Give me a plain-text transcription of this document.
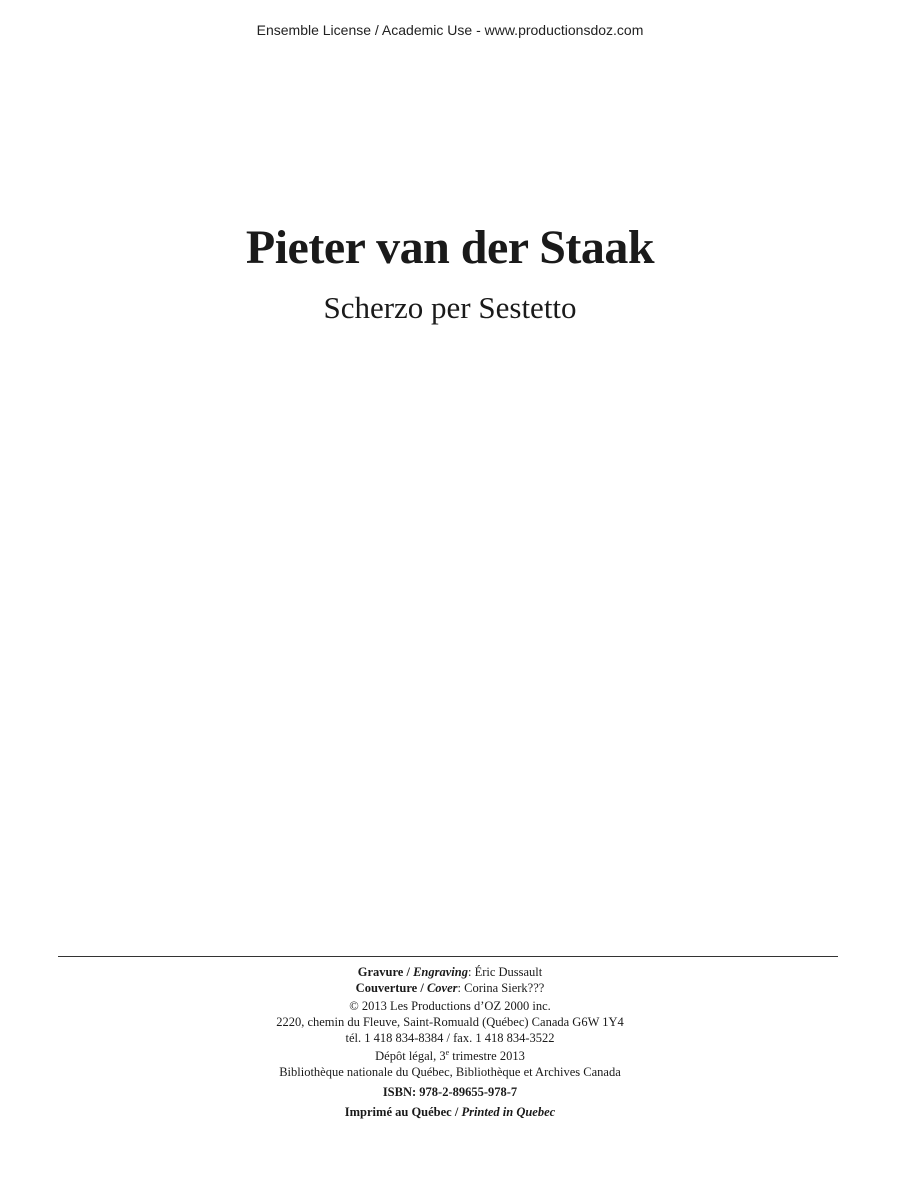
Ensemble License / Academic Use - www.productionsdoz.com
Pieter van der Staak
Scherzo per Sestetto
Gravure / Engraving: Éric Dussault
Couverture / Cover: Corina Sierk???
© 2013 Les Productions d’OZ 2000 inc.
2220, chemin du Fleuve, Saint-Romuald (Québec) Canada G6W 1Y4
tél. 1 418 834-8384 / fax. 1 418 834-3522
Dépôt légal, 3e trimestre 2013
Bibliothèque nationale du Québec, Bibliothèque et Archives Canada
ISBN: 978-2-89655-978-7
Imprimé au Québec / Printed in Quebec
